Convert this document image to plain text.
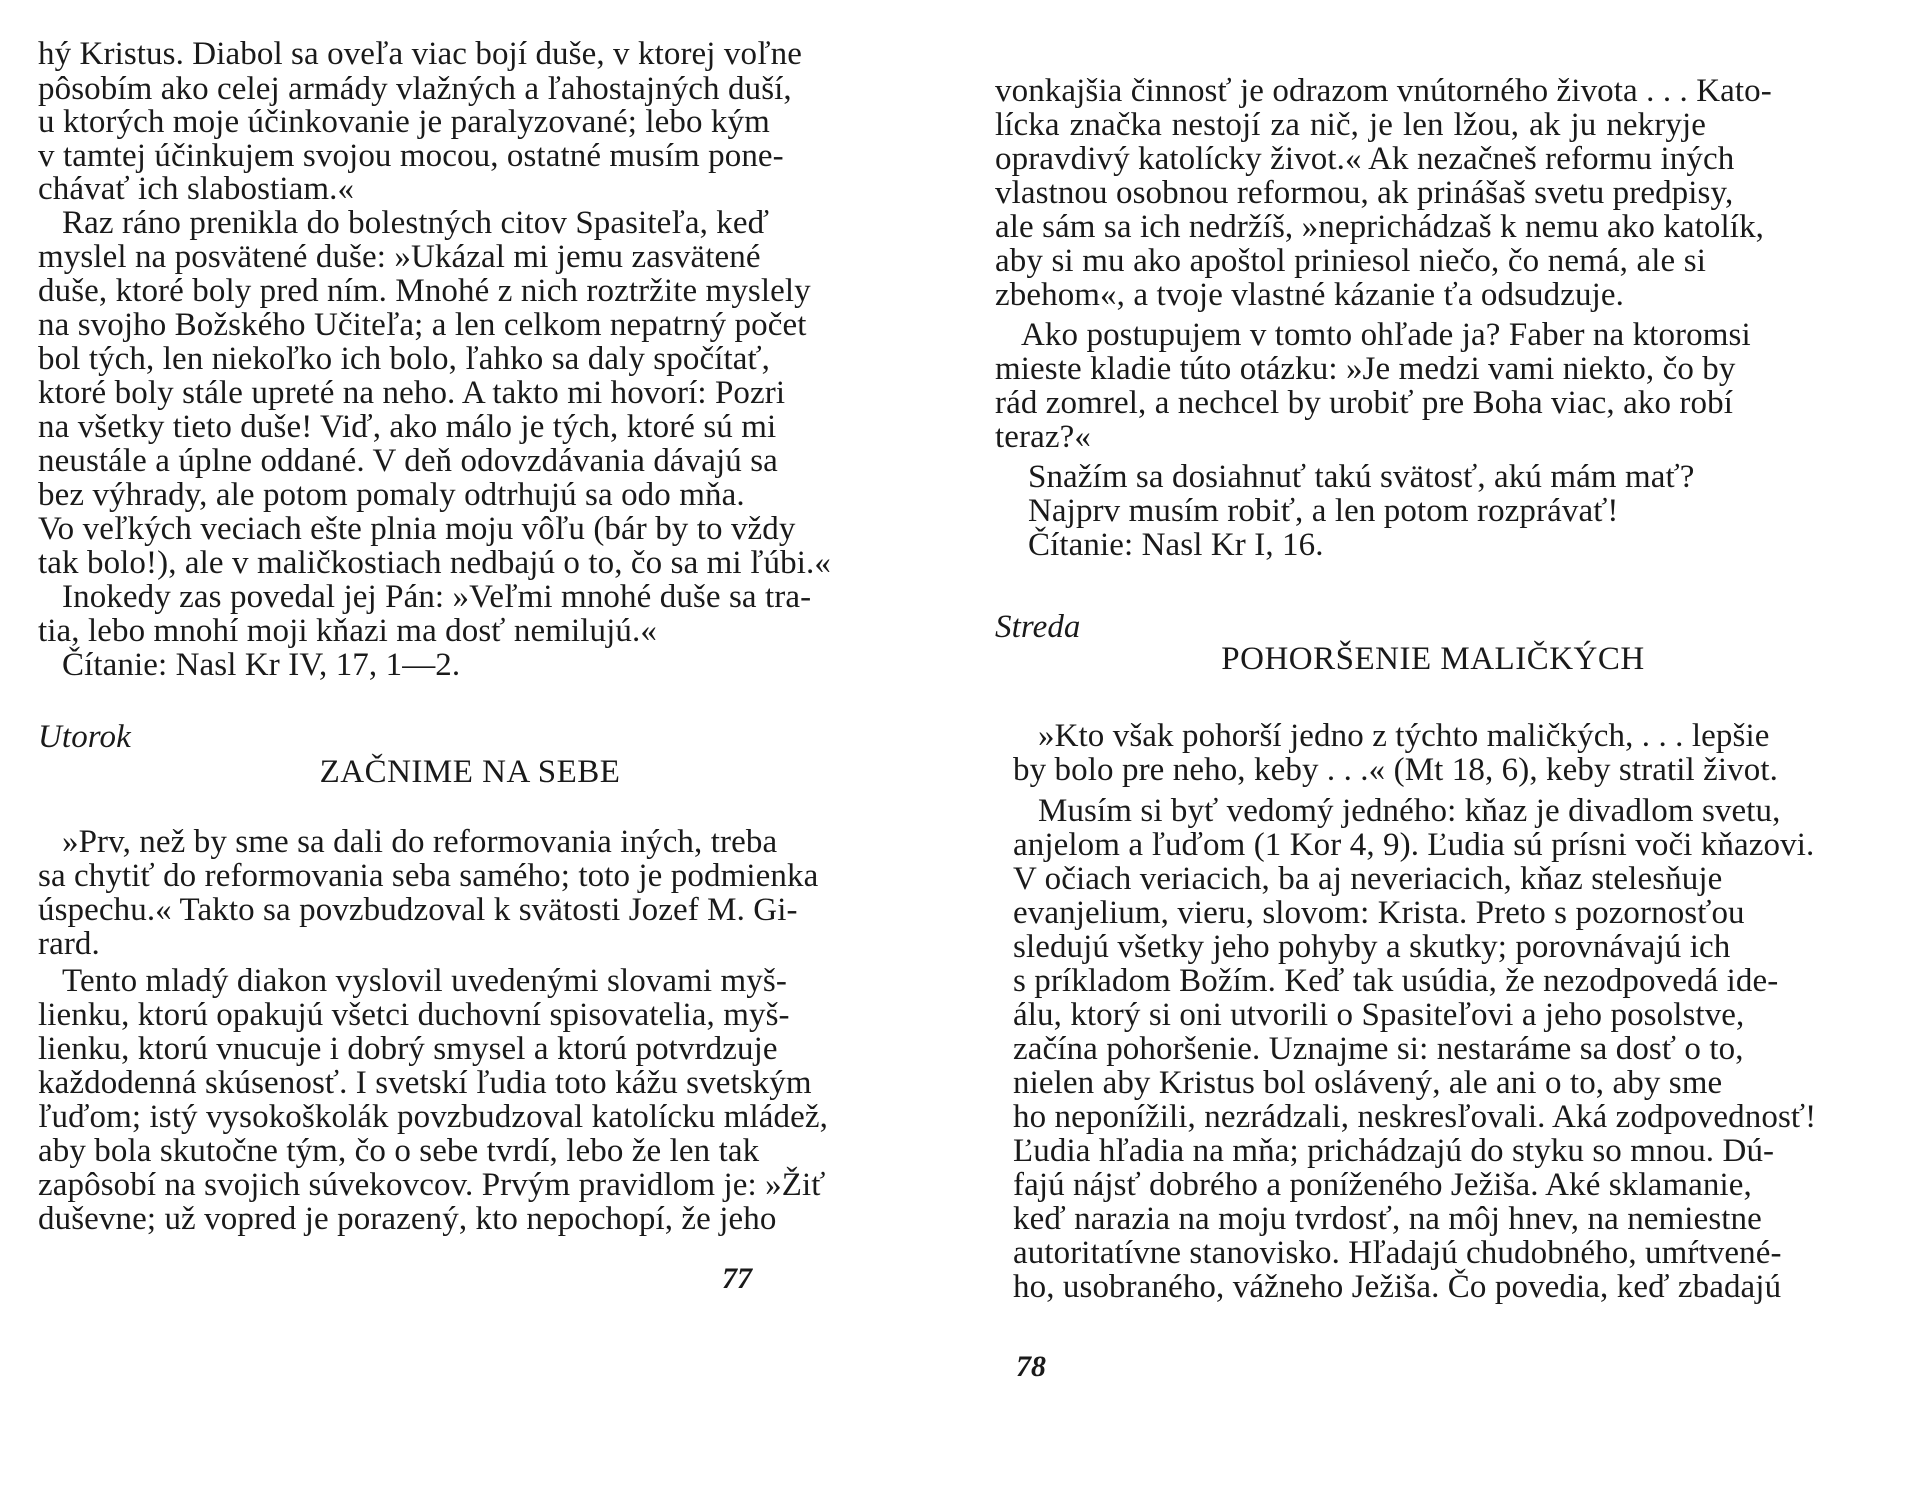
hý Kristus. Diabol sa oveľa viac bojí duše, v ktorej voľne
pôsobím ako celej armády vlažných a ľahostajných duší,
u ktorých moje účinkovanie je paralyzované; lebo kým
v tamtej účinkujem svojou mocou, ostatné musím pone-
chávať ich slabostiam.«
Raz ráno prenikla do bolestných citov Spasiteľa, keď
myslel na posvätené duše: »Ukázal mi jemu zasvätené
duše, ktoré boly pred ním. Mnohé z nich roztržite myslely
na svojho Božského Učiteľa; a len celkom nepatrný počet
bol tých, len niekoľko ich bolo, ľahko sa daly spočítať,
ktoré boly stále upreté na neho. A takto mi hovorí: Pozri
na všetky tieto duše! Viď, ako málo je tých, ktoré sú mi
neustále a úplne oddané. V deň odovzdávania dávajú sa
bez výhrady, ale potom pomaly odtrhujú sa odo mňa.
Vo veľkých veciach ešte plnia moju vôľu (bár by to vždy
tak bolo!), ale v maličkostiach nedbajú o to, čo sa mi ľúbi.«
Inokedy zas povedal jej Pán: »Veľmi mnohé duše sa tra-
tia, lebo mnohí moji kňazi ma dosť nemilujú.«
Čítanie: Nasl Kr IV, 17, 1—2.
Utorok
ZAČNIME NA SEBE
»Prv, než by sme sa dali do reformovania iných, treba
sa chytiť do reformovania seba samého; toto je podmienka
úspechu.« Takto sa povzbudzoval k svätosti Jozef M. Gi-
rard.
Tento mladý diakon vyslovil uvedenými slovami myš-
lienku, ktorú opakujú všetci duchovní spisovatelia, myš-
lienku, ktorú vnucuje i dobrý smysel a ktorú potvrdzuje
každodenná skúsenosť. I svetskí ľudia toto kážu svetským
ľuďom; istý vysokoškolák povzbudzoval katolícku mládež,
aby bola skutočne tým, čo o sebe tvrdí, lebo že len tak
zapôsobí na svojich súvekovcov. Prvým pravidlom je: »Žiť
duševne; už vopred je porazený, kto nepochopí, že jeho
77
vonkajšia činnosť je odrazom vnútorného života . . . Kato-
lícka značka nestojí za nič, je len lžou, ak ju nekryje
opravdivý katolícky život.« Ak nezačneš reformu iných
vlastnou osobnou reformou, ak prinášaš svetu predpisy,
ale sám sa ich nedržíš, »neprichádzaš k nemu ako katolík,
aby si mu ako apoštol priniesol niečo, čo nemá, ale si
zbehom«, a tvoje vlastné kázanie ťa odsudzuje.
Ako postupujem v tomto ohľade ja? Faber na ktoromsi
mieste kladie túto otázku: »Je medzi vami niekto, čo by
rád zomrel, a nechcel by urobiť pre Boha viac, ako robí
teraz?«
Snažím sa dosiahnuť takú svätosť, akú mám mať?
Najprv musím robiť, a len potom rozprávať!
Čítanie: Nasl Kr I, 16.
Streda
POHORŠENIE MALIČKÝCH
»Kto však pohorší jedno z týchto maličkých, . . . lepšie
by bolo pre neho, keby . . .« (Mt 18, 6), keby stratil život.
Musím si byť vedomý jedného: kňaz je divadlom svetu,
anjelom a ľuďom (1 Kor 4, 9). Ľudia sú prísni voči kňazovi.
V očiach veriacich, ba aj neveriacich, kňaz stelesňuje
evanjelium, vieru, slovom: Krista. Preto s pozornosťou
sledujú všetky jeho pohyby a skutky; porovnávajú ich
s príkladom Božím. Keď tak usúdia, že nezodpovedá ide-
álu, ktorý si oni utvorili o Spasiteľovi a jeho posolstve,
začína pohoršenie. Uznajme si: nestaráme sa dosť o to,
nielen aby Kristus bol oslávený, ale ani o to, aby sme
ho neponížili, nezrádzali, neskresľovali. Aká zodpovednosť!
Ľudia hľadia na mňa; prichádzajú do styku so mnou. Dú-
fajú nájsť dobrého a poníženého Ježiša. Aké sklamanie,
keď narazia na moju tvrdosť, na môj hnev, na nemiestne
autoritatívne stanovisko. Hľadajú chudobného, umŕtvené-
ho, usobraného, vážneho Ježiša. Čo povedia, keď zbadajú
78
